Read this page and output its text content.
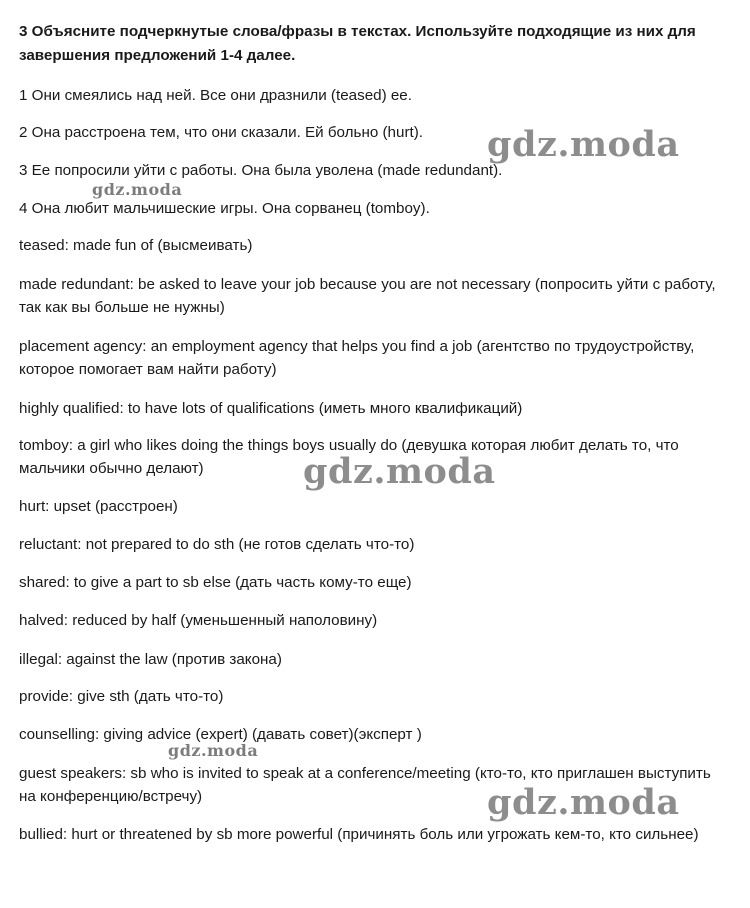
3 Объясните подчеркнутые слова/фразы в текстах. Используйте подходящие из них для
завершения предложений 1-4 далее.
1 Они смеялись над ней. Все они дразнили (teased) ее.
2 Она расстроена тем, что они сказали. Ей больно (hurt).
3 Ее попросили уйти с работы. Она была уволена (made redundant).
4 Она любит мальчишеские игры. Она сорванец (tomboy).
teased: made fun of (высмеивать)
made redundant: be asked to leave your job because you are not necessary (попросить уйти с работу,
так как вы больше не нужны)
placement agency: an employment agency that helps you find a job (агентство по трудоустройству,
которое помогает вам найти работу)
highly qualified: to have lots of qualifications (иметь много квалификаций)
tomboy: a girl who likes doing the things boys usually do (девушка которая любит делать то, что
мальчики обычно делают)
hurt: upset (расстроен)
reluctant: not prepared to do sth (не готов сделать что-то)
shared: to give a part to sb else (дать часть кому-то еще)
halved: reduced by half (уменьшенный наполовину)
illegal: against the law (против закона)
provide: give sth (дать что-то)
counselling: giving advice (expert) (давать совет)(эксперт )
guest speakers: sb who is invited to speak at a conference/meeting (кто-то, кто приглашен выступить
на конференцию/встречу)
bullied: hurt or threatened by sb more powerful (причинять боль или угрожать кем-то, кто сильнее)
gdz.moda
gdz.moda
gdz.moda
gdz.moda
gdz.moda
